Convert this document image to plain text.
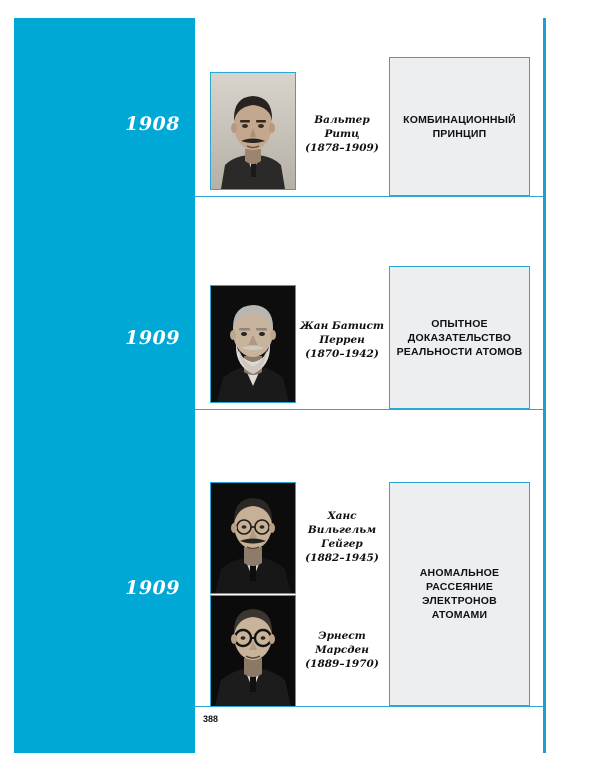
1908
1909
1909
Вальтер Ритц
(1878–1909)
КОМБИНАЦИОННЫЙ
ПРИНЦИП
Жан Батист
Перрен
(1870–1942)
ОПЫТНОЕ
ДОКАЗАТЕЛЬСТВО
РЕАЛЬНОСТИ АТОМОВ
Ханс
Вильгельм
Гейгер
(1882–1945)
Эрнест
Марсден
(1889–1970)
АНОМАЛЬНОЕ
РАССЕЯНИЕ
ЭЛЕКТРОНОВ
АТОМАМИ
388
